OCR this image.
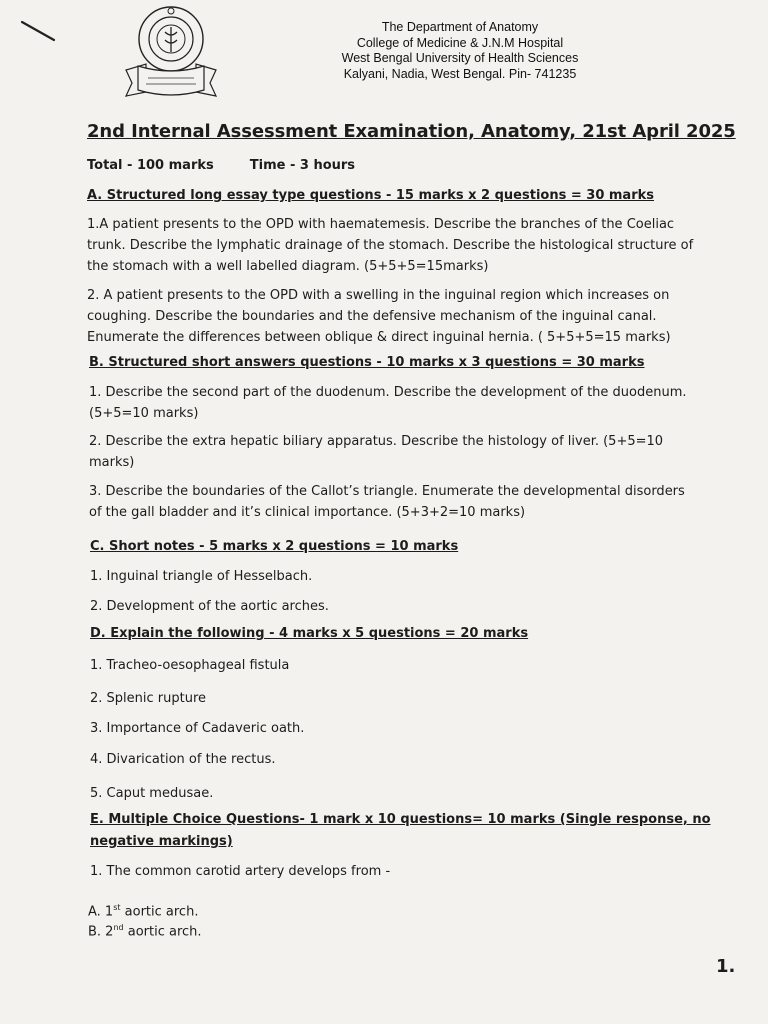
The Department of Anatomy
College of Medicine & J.N.M Hospital
West Bengal University of Health Sciences
Kalyani, Nadia, West Bengal. Pin- 741235
2nd Internal Assessment Examination, Anatomy, 21st April 2025
Total - 100 marks	Time - 3 hours
A. Structured long essay type questions - 15 marks x 2 questions = 30 marks
1.A patient presents to the OPD with haematemesis. Describe the branches of the Coeliac
trunk. Describe the lymphatic drainage of the stomach. Describe the histological structure of
the stomach with a well labelled diagram. (5+5+5=15marks)
2. A patient presents to the OPD with a swelling in the inguinal region which increases on
coughing. Describe the boundaries and the defensive mechanism of the inguinal canal.
Enumerate the differences between oblique & direct inguinal hernia. ( 5+5+5=15 marks)
B. Structured short answers questions - 10 marks x 3 questions = 30 marks
1. Describe the second part of the duodenum. Describe the development of the duodenum.
(5+5=10 marks)
2. Describe the extra hepatic biliary apparatus. Describe the histology of liver. (5+5=10
marks)
3. Describe the boundaries of the Callot’s triangle. Enumerate the developmental disorders
of the gall bladder and it’s clinical importance. (5+3+2=10 marks)
C. Short notes - 5 marks x 2 questions = 10 marks
1. Inguinal triangle of Hesselbach.
2. Development of the aortic arches.
D. Explain the following - 4 marks x 5 questions = 20 marks
1. Tracheo-oesophageal fistula
2. Splenic rupture
3. Importance of Cadaveric oath.
4. Divarication of the rectus.
5. Caput medusae.
E. Multiple Choice Questions- 1 mark x 10 questions= 10 marks (Single response, no
negative markings)
1. The common carotid artery develops from -
A. 1st aortic arch.
B. 2nd aortic arch.
1.
